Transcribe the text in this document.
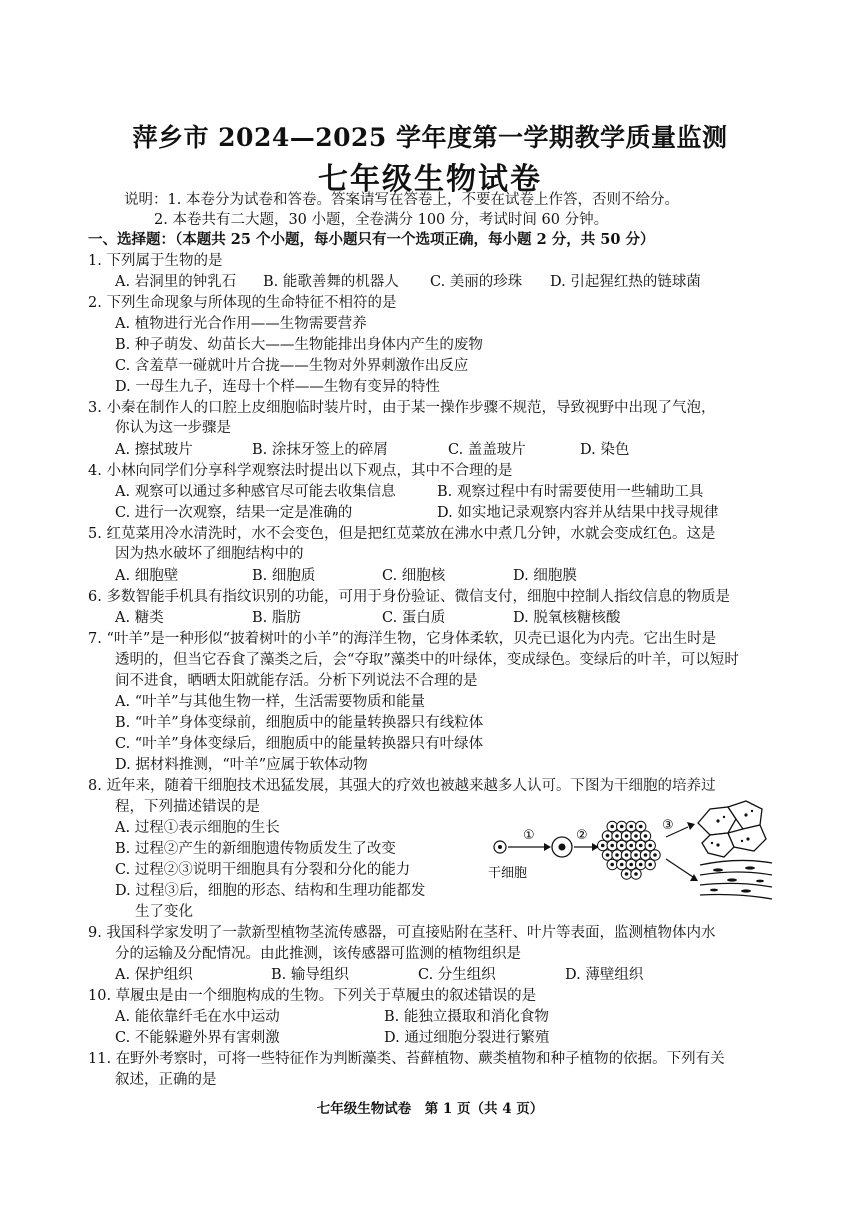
萍乡市 2024—2025 学年度第一学期教学质量监测
七年级生物试卷
说明：1. 本卷分为试卷和答卷。答案请写在答卷上，不要在试卷上作答，否则不给分。
2. 本卷共有二大题，30 小题，全卷满分 100 分，考试时间 60 分钟。
一、选择题：（本题共 25 个小题，每小题只有一个选项正确，每小题 2 分，共 50 分）
1. 下列属于生物的是
A. 岩洞里的钟乳石 B. 能歌善舞的机器人 C. 美丽的珍珠 D. 引起猩红热的链球菌
2. 下列生命现象与所体现的生命特征不相符的是
A. 植物进行光合作用——生物需要营养
B. 种子萌发、幼苗长大——生物能排出身体内产生的废物
C. 含羞草一碰就叶片合拢——生物对外界刺激作出反应
D. 一母生九子，连母十个样——生物有变异的特性
3. 小秦在制作人的口腔上皮细胞临时装片时，由于某一操作步骤不规范，导致视野中出现了气泡，
你认为这一步骤是
A. 擦拭玻片	B. 涂抹牙签上的碎屑	C. 盖盖玻片	D. 染色
4. 小林向同学们分享科学观察法时提出以下观点，其中不合理的是
A. 观察可以通过多种感官尽可能去收集信息	B. 观察过程中有时需要使用一些辅助工具
C. 进行一次观察，结果一定是准确的	D. 如实地记录观察内容并从结果中找寻规律
5. 红苋菜用冷水清洗时，水不会变色，但是把红苋菜放在沸水中煮几分钟，水就会变成红色。这是
因为热水破坏了细胞结构中的
A. 细胞壁	B. 细胞质	C. 细胞核	D. 细胞膜
6. 多数智能手机具有指纹识别的功能，可用于身份验证、微信支付，细胞中控制人指纹信息的物质是
A. 糖类	B. 脂肪	C. 蛋白质	D. 脱氧核糖核酸
7. “叶羊”是一种形似“披着树叶的小羊”的海洋生物，它身体柔软，贝壳已退化为内壳。它出生时是
透明的，但当它吞食了藻类之后，会“夺取”藻类中的叶绿体，变成绿色。变绿后的叶羊，可以短时
间不进食，晒晒太阳就能存活。分析下列说法不合理的是
A. “叶羊”与其他生物一样，生活需要物质和能量
B. “叶羊”身体变绿前，细胞质中的能量转换器只有线粒体
C. “叶羊”身体变绿后，细胞质中的能量转换器只有叶绿体
D. 据材料推测，“叶羊”应属于软体动物
8. 近年来，随着干细胞技术迅猛发展，其强大的疗效也被越来越多人认可。下图为干细胞的培养过
程，下列描述错误的是
A. 过程①表示细胞的生长
B. 过程②产生的新细胞遗传物质发生了改变
C. 过程②③说明干细胞具有分裂和分化的能力
D. 过程③后，细胞的形态、结构和生理功能都发
生了变化
①	②
③
干细胞
9. 我国科学家发明了一款新型植物茎流传感器，可直接贴附在茎秆、叶片等表面，监测植物体内水
分的运输及分配情况。由此推测，该传感器可监测的植物组织是
A. 保护组织	B. 输导组织	C. 分生组织	D. 薄壁组织
10. 草履虫是由一个细胞构成的生物。下列关于草履虫的叙述错误的是
A. 能依靠纤毛在水中运动	B. 能独立摄取和消化食物
C. 不能躲避外界有害刺激	D. 通过细胞分裂进行繁殖
11. 在野外考察时，可将一些特征作为判断藻类、苔藓植物、蕨类植物和种子植物的依据。下列有关
叙述，正确的是
七年级生物试卷　第 1 页（共 4 页）
